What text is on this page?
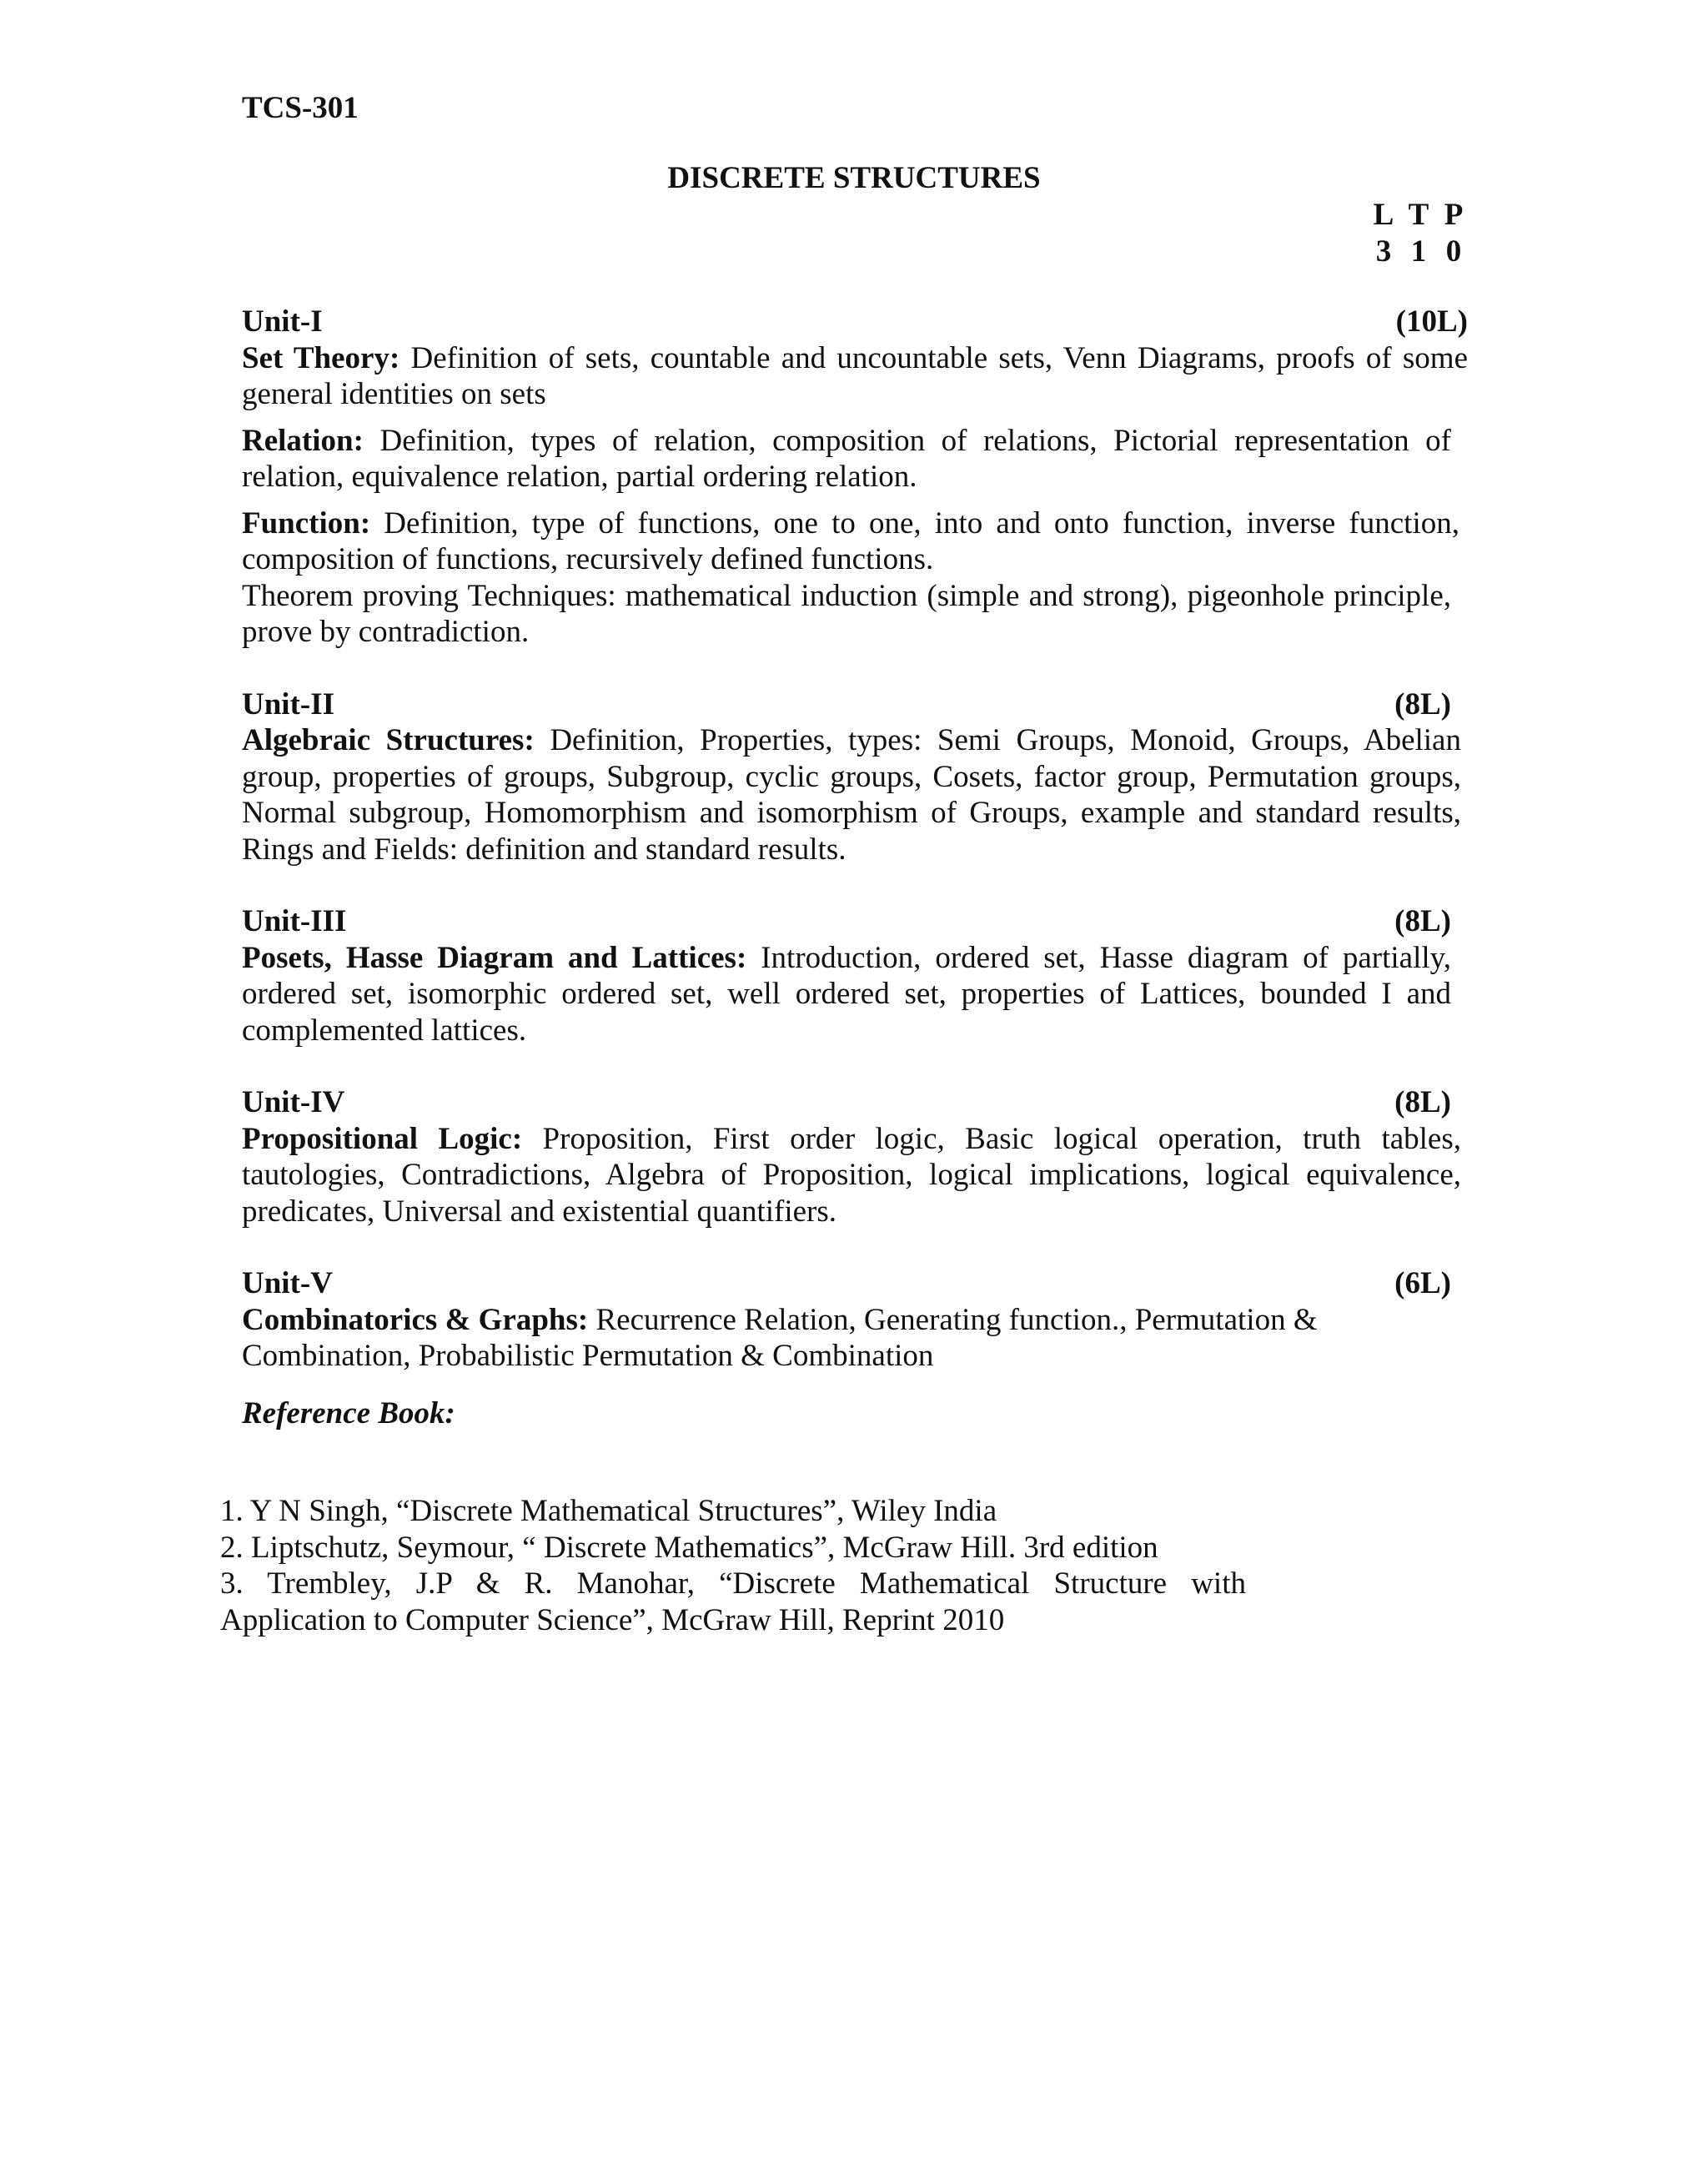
TCS-301
DISCRETE STRUCTURES
L T P
3 1 0
Unit-I	(10L)

Set Theory: Definition of sets, countable and uncountable sets, Venn Diagrams, proofs of some general identities on sets

Relation: Definition, types of relation, composition of relations, Pictorial representation of relation, equivalence relation, partial ordering relation.

Function: Definition, type of functions, one to one, into and onto function, inverse function, composition of functions, recursively defined functions.

Theorem proving Techniques: mathematical induction (simple and strong), pigeonhole principle, prove by contradiction.

Unit-II	(8L)

Algebraic Structures: Definition, Properties, types: Semi Groups, Monoid, Groups, Abelian group, properties of groups, Subgroup, cyclic groups, Cosets, factor group, Permutation groups, Normal subgroup, Homomorphism and isomorphism of Groups, example and standard results, Rings and Fields: definition and standard results.

Unit-III	(8L)

Posets, Hasse Diagram and Lattices: Introduction, ordered set, Hasse diagram of partially, ordered set, isomorphic ordered set, well ordered set, properties of Lattices, bounded I and complemented lattices.

Unit-IV	(8L)

Propositional Logic: Proposition, First order logic, Basic logical operation, truth tables, tautologies, Contradictions, Algebra of Proposition, logical implications, logical equivalence, predicates, Universal and existential quantifiers.

Unit-V	(6L)

Combinatorics & Graphs: Recurrence Relation, Generating function., Permutation & Combination, Probabilistic Permutation & Combination

Reference Book:

1. Y N Singh, “Discrete Mathematical Structures”, Wiley India

2. Liptschutz, Seymour, “ Discrete Mathematics”, McGraw Hill. 3rd edition

3. Trembley, J.P & R. Manohar, “Discrete Mathematical Structure with Application to Computer Science”, McGraw Hill, Reprint 2010
